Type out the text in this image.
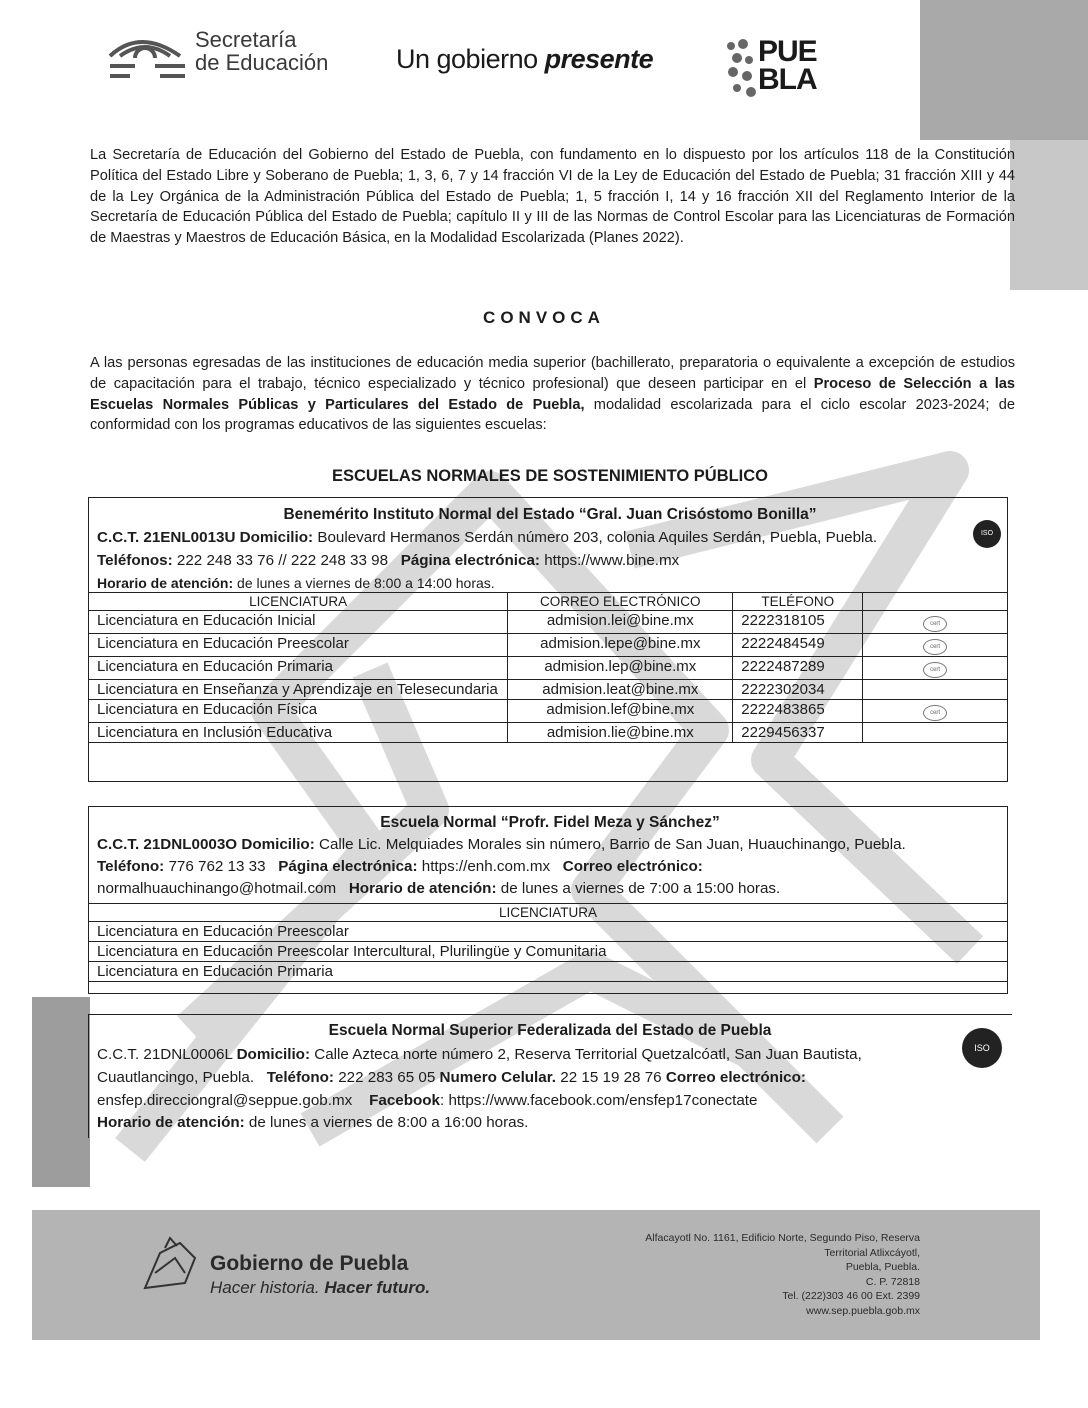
Secretaría
de Educación	Un gobierno presente	PUE
BLA
La Secretaría de Educación del Gobierno del Estado de Puebla, con fundamento en lo dispuesto por los artículos 118 de la Constitución Política del Estado Libre y Soberano de Puebla; 1, 3, 6, 7 y 14 fracción VI de la Ley de Educación del Estado de Puebla; 31 fracción XIII y 44 de la Ley Orgánica de la Administración Pública del Estado de Puebla; 1, 5 fracción I, 14 y 16 fracción XII del Reglamento Interior de la Secretaría de Educación Pública del Estado de Puebla; capítulo II y III de las Normas de Control Escolar para las Licenciaturas de Formación de Maestras y Maestros de Educación Básica, en la Modalidad Escolarizada (Planes 2022).
CONVOCA
A las personas egresadas de las instituciones de educación media superior (bachillerato, preparatoria o equivalente a excepción de estudios de capacitación para el trabajo, técnico especializado y técnico profesional) que deseen participar en el Proceso de Selección a las Escuelas Normales Públicas y Particulares del Estado de Puebla, modalidad escolarizada para el ciclo escolar 2023-2024; de conformidad con los programas educativos de las siguientes escuelas:
ESCUELAS NORMALES DE SOSTENIMIENTO PÚBLICO
Benemérito Instituto Normal del Estado “Gral. Juan Crisóstomo Bonilla”
C.C.T. 21ENL0013U Domicilio: Boulevard Hermanos Serdán número 203, colonia Aquiles Serdán, Puebla, Puebla.	ISO
Teléfonos: 222 248 33 76 // 222 248 33 98 Página electrónica: https://www.bine.mx
Horario de atención: de lunes a viernes de 8:00 a 14:00 horas.
LICENCIATURA	CORREO ELECTRÓNICO	TELÉFONO	
Licenciatura en Educación Inicial	admision.lei@bine.mx	2222318105	cert
Licenciatura en Educación Preescolar	admision.lepe@bine.mx	2222484549	cert
Licenciatura en Educación Primaria	admision.lep@bine.mx	2222487289	cert
Licenciatura en Enseñanza y Aprendizaje en Telesecundaria	admision.leat@bine.mx	2222302034	
Licenciatura en Educación Física	admision.lef@bine.mx	2222483865	cert
Licenciatura en Inclusión Educativa	admision.lie@bine.mx	2229456337	
Escuela Normal “Profr. Fidel Meza y Sánchez”
C.C.T. 21DNL0003O Domicilio: Calle Lic. Melquiades Morales sin número, Barrio de San Juan, Huauchinango, Puebla.
Teléfono: 776 762 13 33 Página electrónica: https://enh.com.mx Correo electrónico:
normalhuauchinango@hotmail.com Horario de atención: de lunes a viernes de 7:00 a 15:00 horas.
LICENCIATURA
Licenciatura en Educación Preescolar
Licenciatura en Educación Preescolar Intercultural, Plurilingüe y Comunitaria
Licenciatura en Educación Primaria
Escuela Normal Superior Federalizada del Estado de Puebla
ISO
C.C.T. 21DNL0006L Domicilio: Calle Azteca norte número 2, Reserva Territorial Quetzalcóatl, San Juan Bautista,
Cuautlancingo, Puebla. Teléfono: 222 283 65 05 Numero Celular. 22 15 19 28 76 Correo electrónico:
ensfep.direcciongral@seppue.gob.mx Facebook: https://www.facebook.com/ensfep17conectate
Horario de atención: de lunes a viernes de 8:00 a 16:00 horas.
Gobierno de Puebla
Hacer historia. Hacer futuro.
Alfacayotl No. 1161, Edificio Norte, Segundo Piso, Reserva
Territorial Atlixcáyotl,
Puebla, Puebla.
C. P. 72818
Tel. (222)303 46 00 Ext. 2399
www.sep.puebla.gob.mx
